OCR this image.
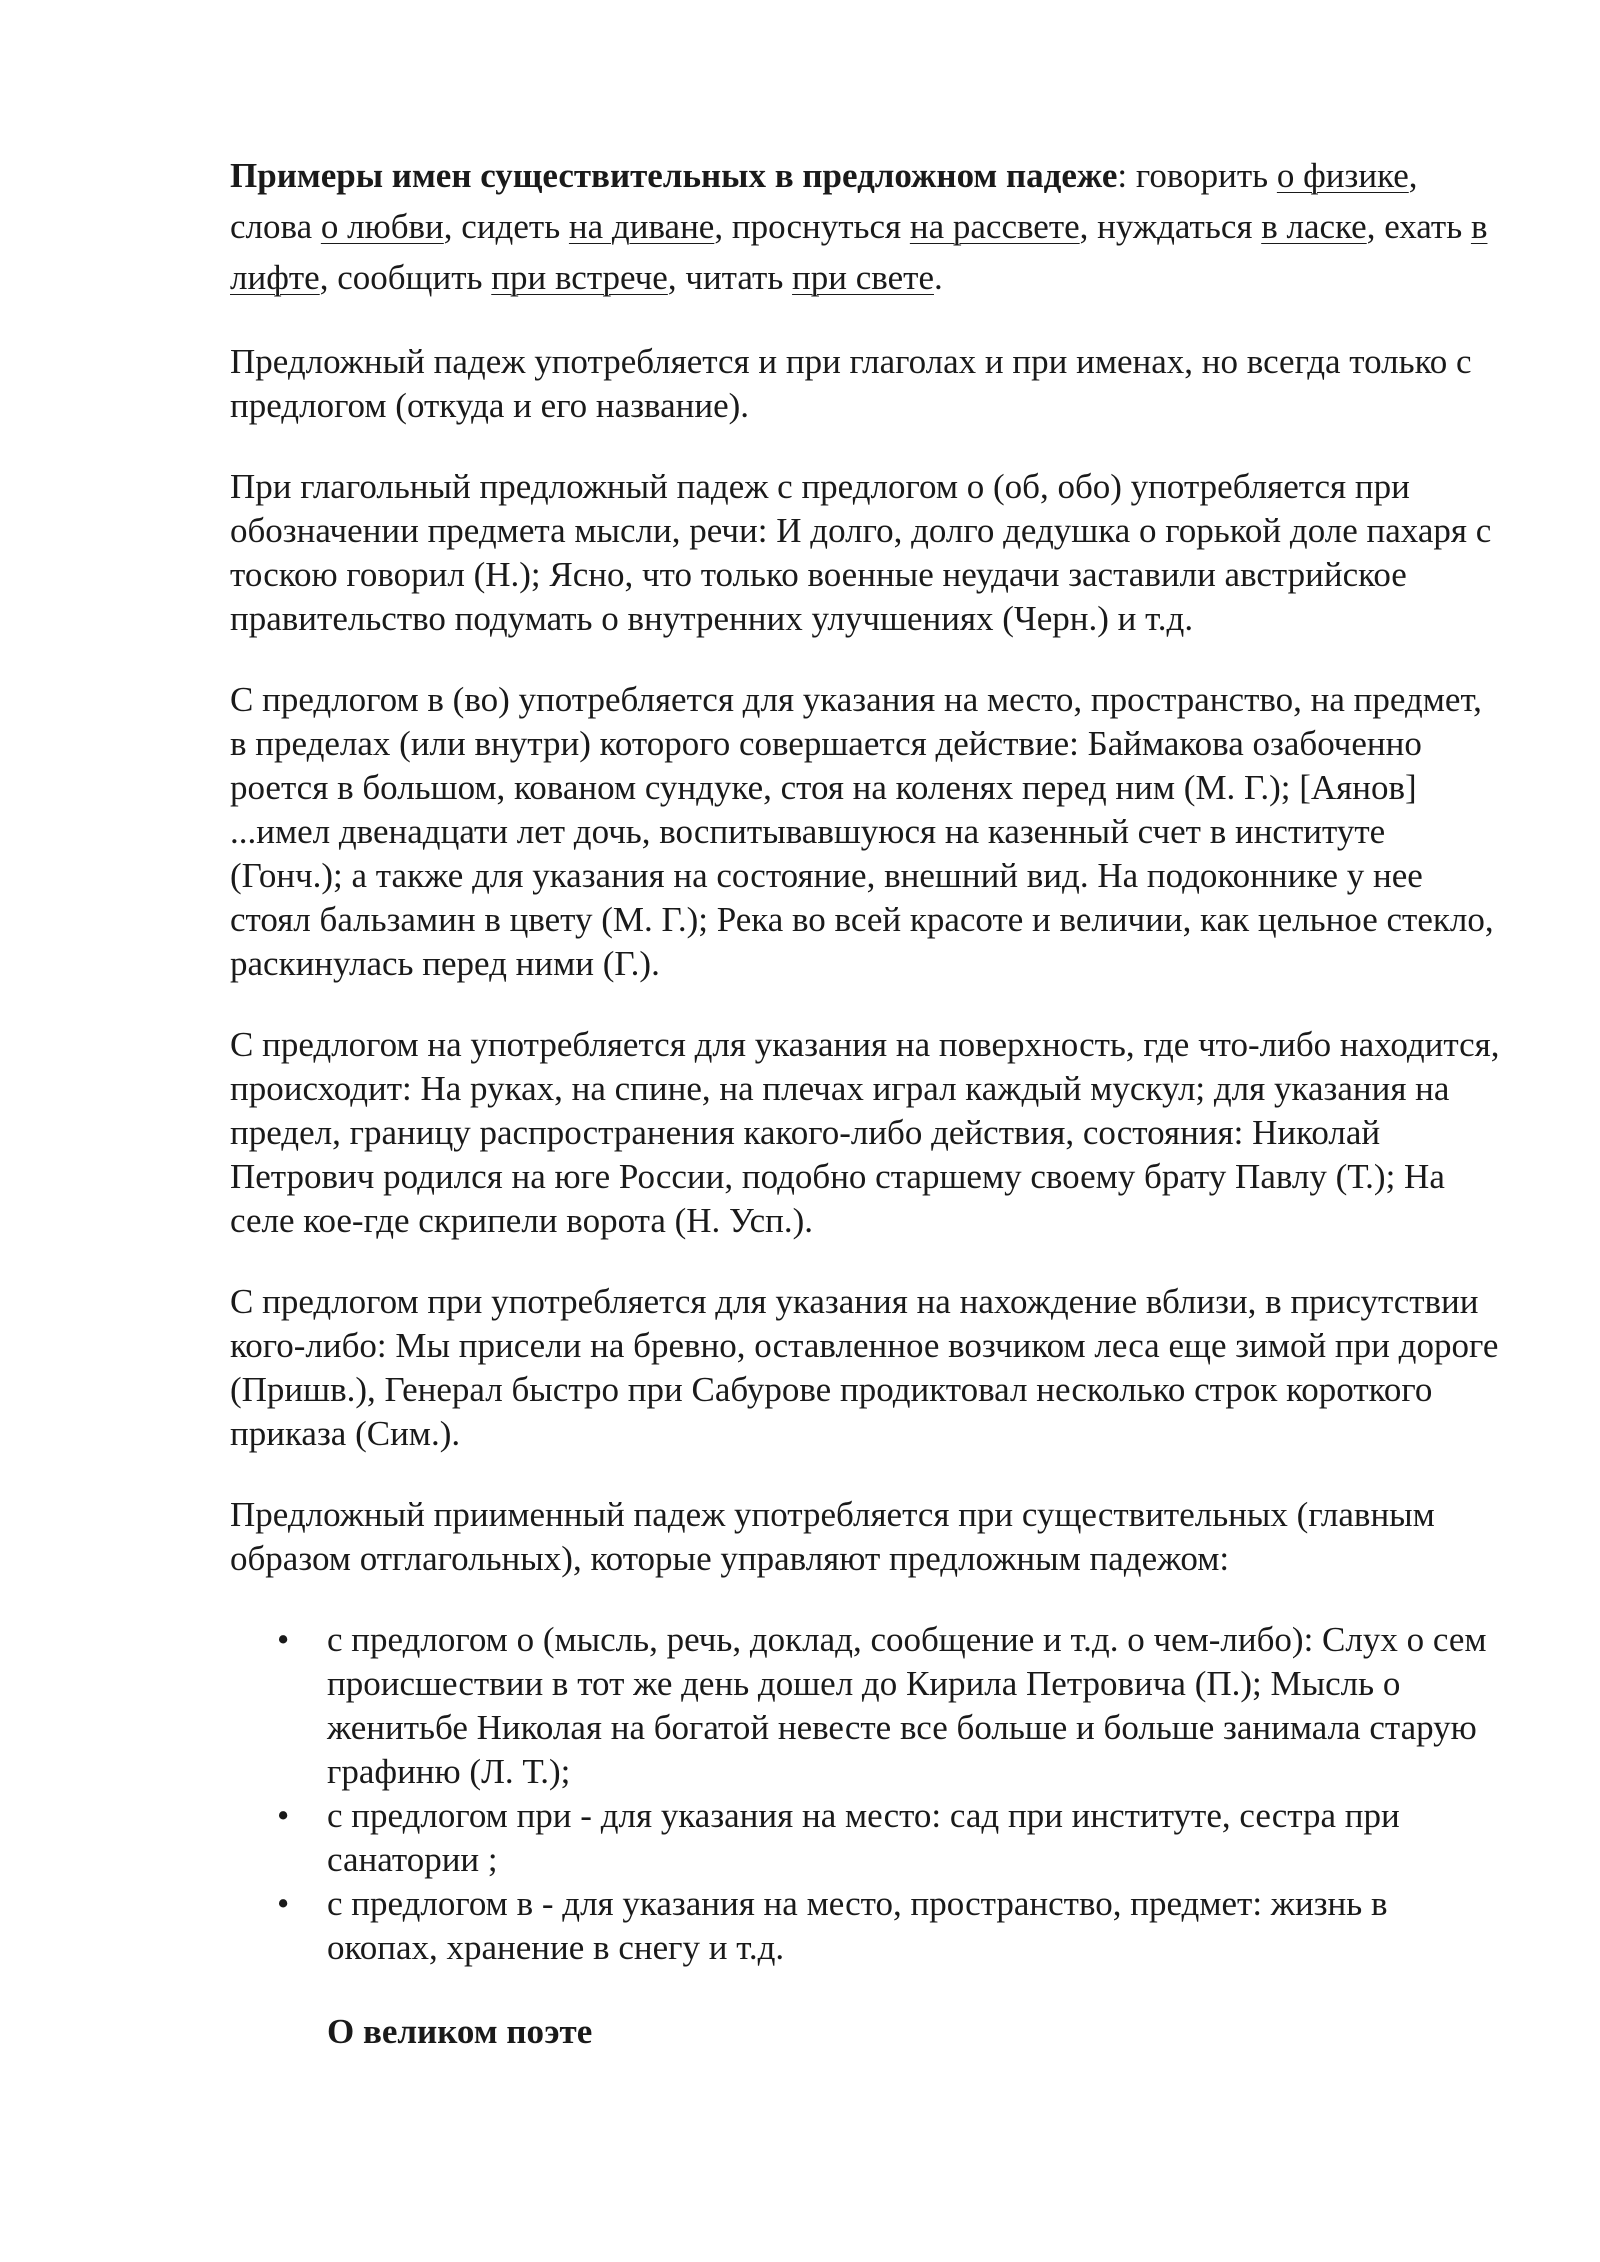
Примеры имен существительных в предложном падеже: говорить о физике, слова о любви, сидеть на диване, проснуться на рассвете, нуждаться в ласке, ехать в лифте, сообщить при встрече, читать при свете.

Предложный падеж употребляется и при глаголах и при именах, но всегда только с предлогом (откуда и его название).

При глагольный предложный падеж с предлогом о (об, обо) употребляется при обозначении предмета мысли, речи: И долго, долго дедушка о горькой доле пахаря с тоскою говорил (Н.); Ясно, что только военные неудачи заставили австрийское правительство подумать о внутренних улучшениях (Черн.) и т.д.

С предлогом в (во) употребляется для указания на место, пространство, на предмет, в пределах (или внутри) которого совершается действие: Баймакова озабоченно роется в большом, кованом сундуке, стоя на коленях перед ним (М. Г.); [Аянов] ...имел двенадцати лет дочь, воспитывавшуюся на казенный счет в институте (Гонч.); а также для указания на состояние, внешний вид. На подоконнике у нее стоял бальзамин в цвету (М. Г.); Река во всей красоте и величии, как цельное стекло, раскинулась перед ними (Г.).

С предлогом на употребляется для указания на поверхность, где что-либо находится, происходит: На руках, на спине, на плечах играл каждый мускул; для указания на предел, границу распространения какого-либо действия, состояния: Николай Петрович родился на юге России, подобно старшему своему брату Павлу (Т.); На селе кое-где скрипели ворота (Н. Усп.).

С предлогом при употребляется для указания на нахождение вблизи, в присутствии кого-либо: Мы присели на бревно, оставленное возчиком леса еще зимой при дороге (Пришв.), Генерал быстро при Сабурове продиктовал несколько строк короткого приказа (Сим.).

Предложный приименный падеж употребляется при существительных (главным образом отглагольных), которые управляют предложным падежом:

• с предлогом о (мысль, речь, доклад, сообщение и т.д. о чем-либо): Слух о сем происшествии в тот же день дошел до Кирила Петровича (П.); Мысль о женитьбе Николая на богатой невесте все больше и больше занимала старую графиню (Л. Т.);
• с предлогом при - для указания на место: сад при институте, сестра при санатории ;
• с предлогом в - для указания на место, пространство, предмет: жизнь в окопах, хранение в снегу и т.д.
О великом поэте
